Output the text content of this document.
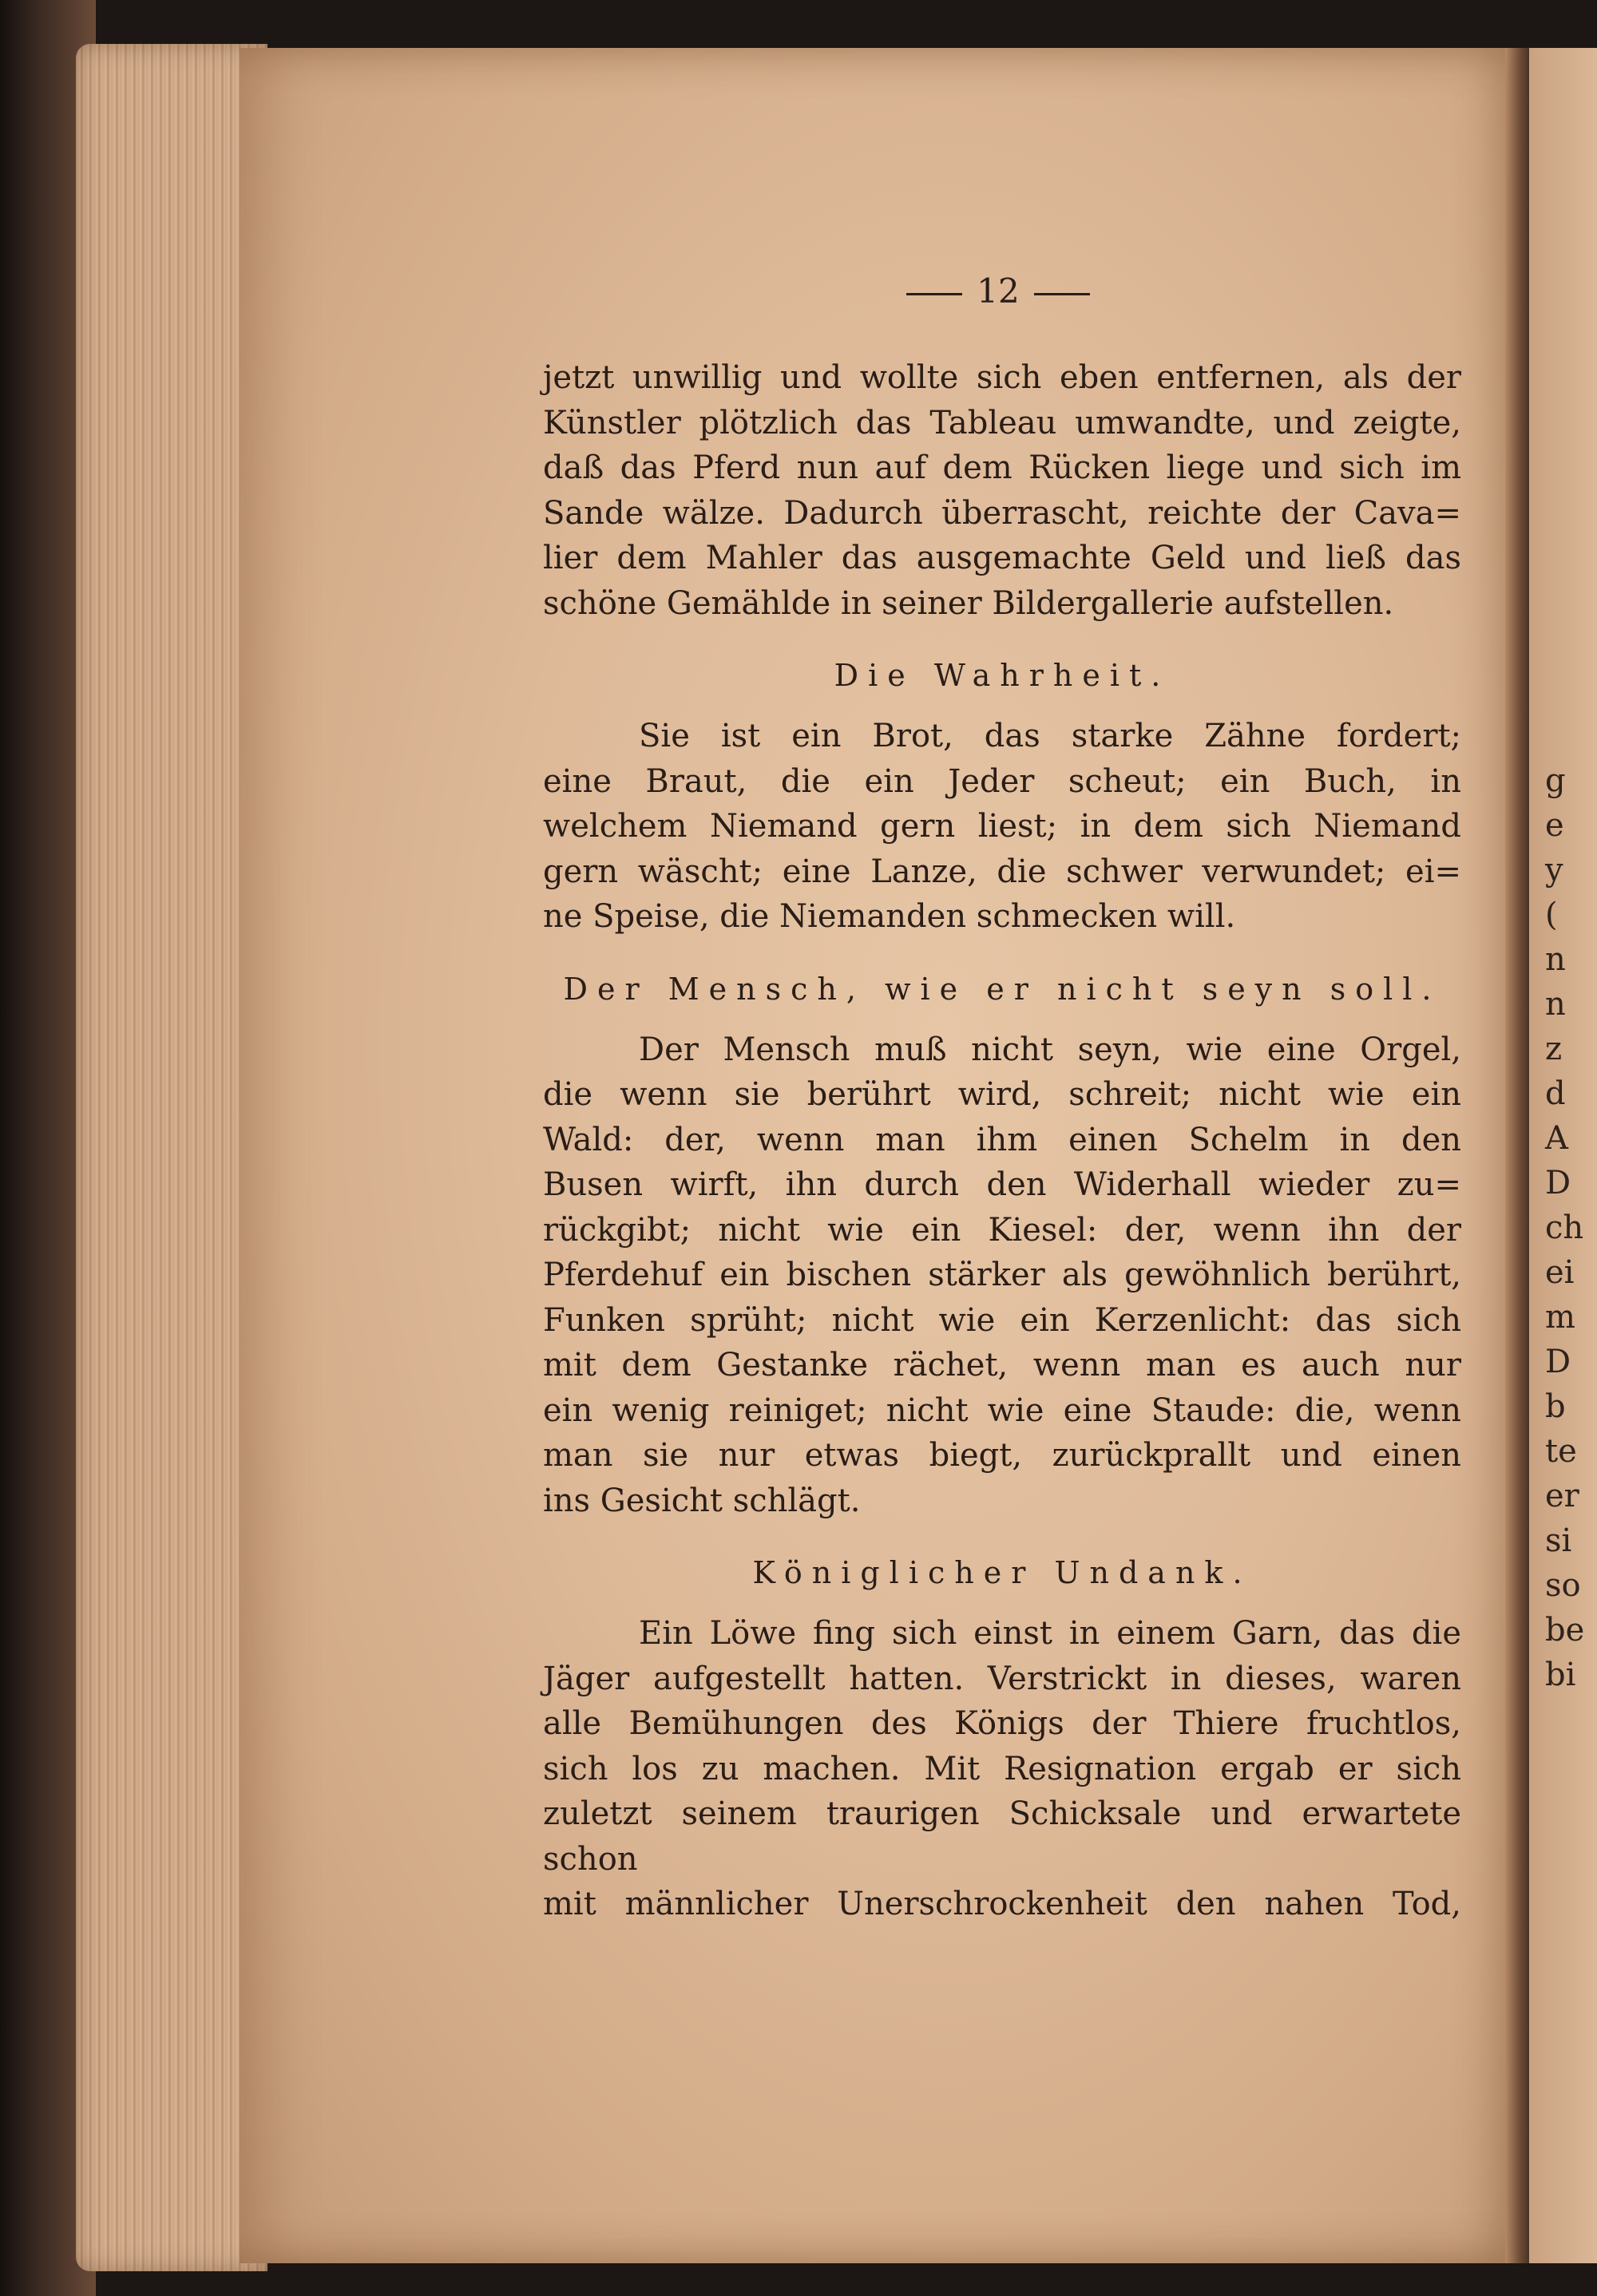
g
e
y
(
n
n
z
d
A
D
ch
ei
m
D
b
te
er
si
so
be
bi
12

jetzt unwillig und wollte sich eben entfernen, als der
Künstler plötzlich das Tableau umwandte, und zeigte,
daß das Pferd nun auf dem Rücken liege und sich im
Sande wälze. Dadurch überrascht, reichte der Cava=
lier dem Mahler das ausgemachte Geld und ließ das
schöne Gemählde in seiner Bildergallerie aufstellen.

Die Wahrheit.

Sie ist ein Brot, das starke Zähne fordert;
eine Braut, die ein Jeder scheut; ein Buch, in
welchem Niemand gern liest; in dem sich Niemand
gern wäscht; eine Lanze, die schwer verwundet; ei=
ne Speise, die Niemanden schmecken will.

Der Mensch, wie er nicht seyn soll.

Der Mensch muß nicht seyn, wie eine Orgel,
die wenn sie berührt wird, schreit; nicht wie ein
Wald: der, wenn man ihm einen Schelm in den
Busen wirft, ihn durch den Widerhall wieder zu=
rückgibt; nicht wie ein Kiesel: der, wenn ihn der
Pferdehuf ein bischen stärker als gewöhnlich berührt,
Funken sprüht; nicht wie ein Kerzenlicht: das sich
mit dem Gestanke rächet, wenn man es auch nur
ein wenig reiniget; nicht wie eine Staude: die, wenn
man sie nur etwas biegt, zurückprallt und einen
ins Gesicht schlägt.

Königlicher Undank.

Ein Löwe fing sich einst in einem Garn, das die
Jäger aufgestellt hatten. Verstrickt in dieses, waren
alle Bemühungen des Königs der Thiere fruchtlos,
sich los zu machen. Mit Resignation ergab er sich
zuletzt seinem traurigen Schicksale und erwartete schon
mit männlicher Unerschrockenheit den nahen Tod,
